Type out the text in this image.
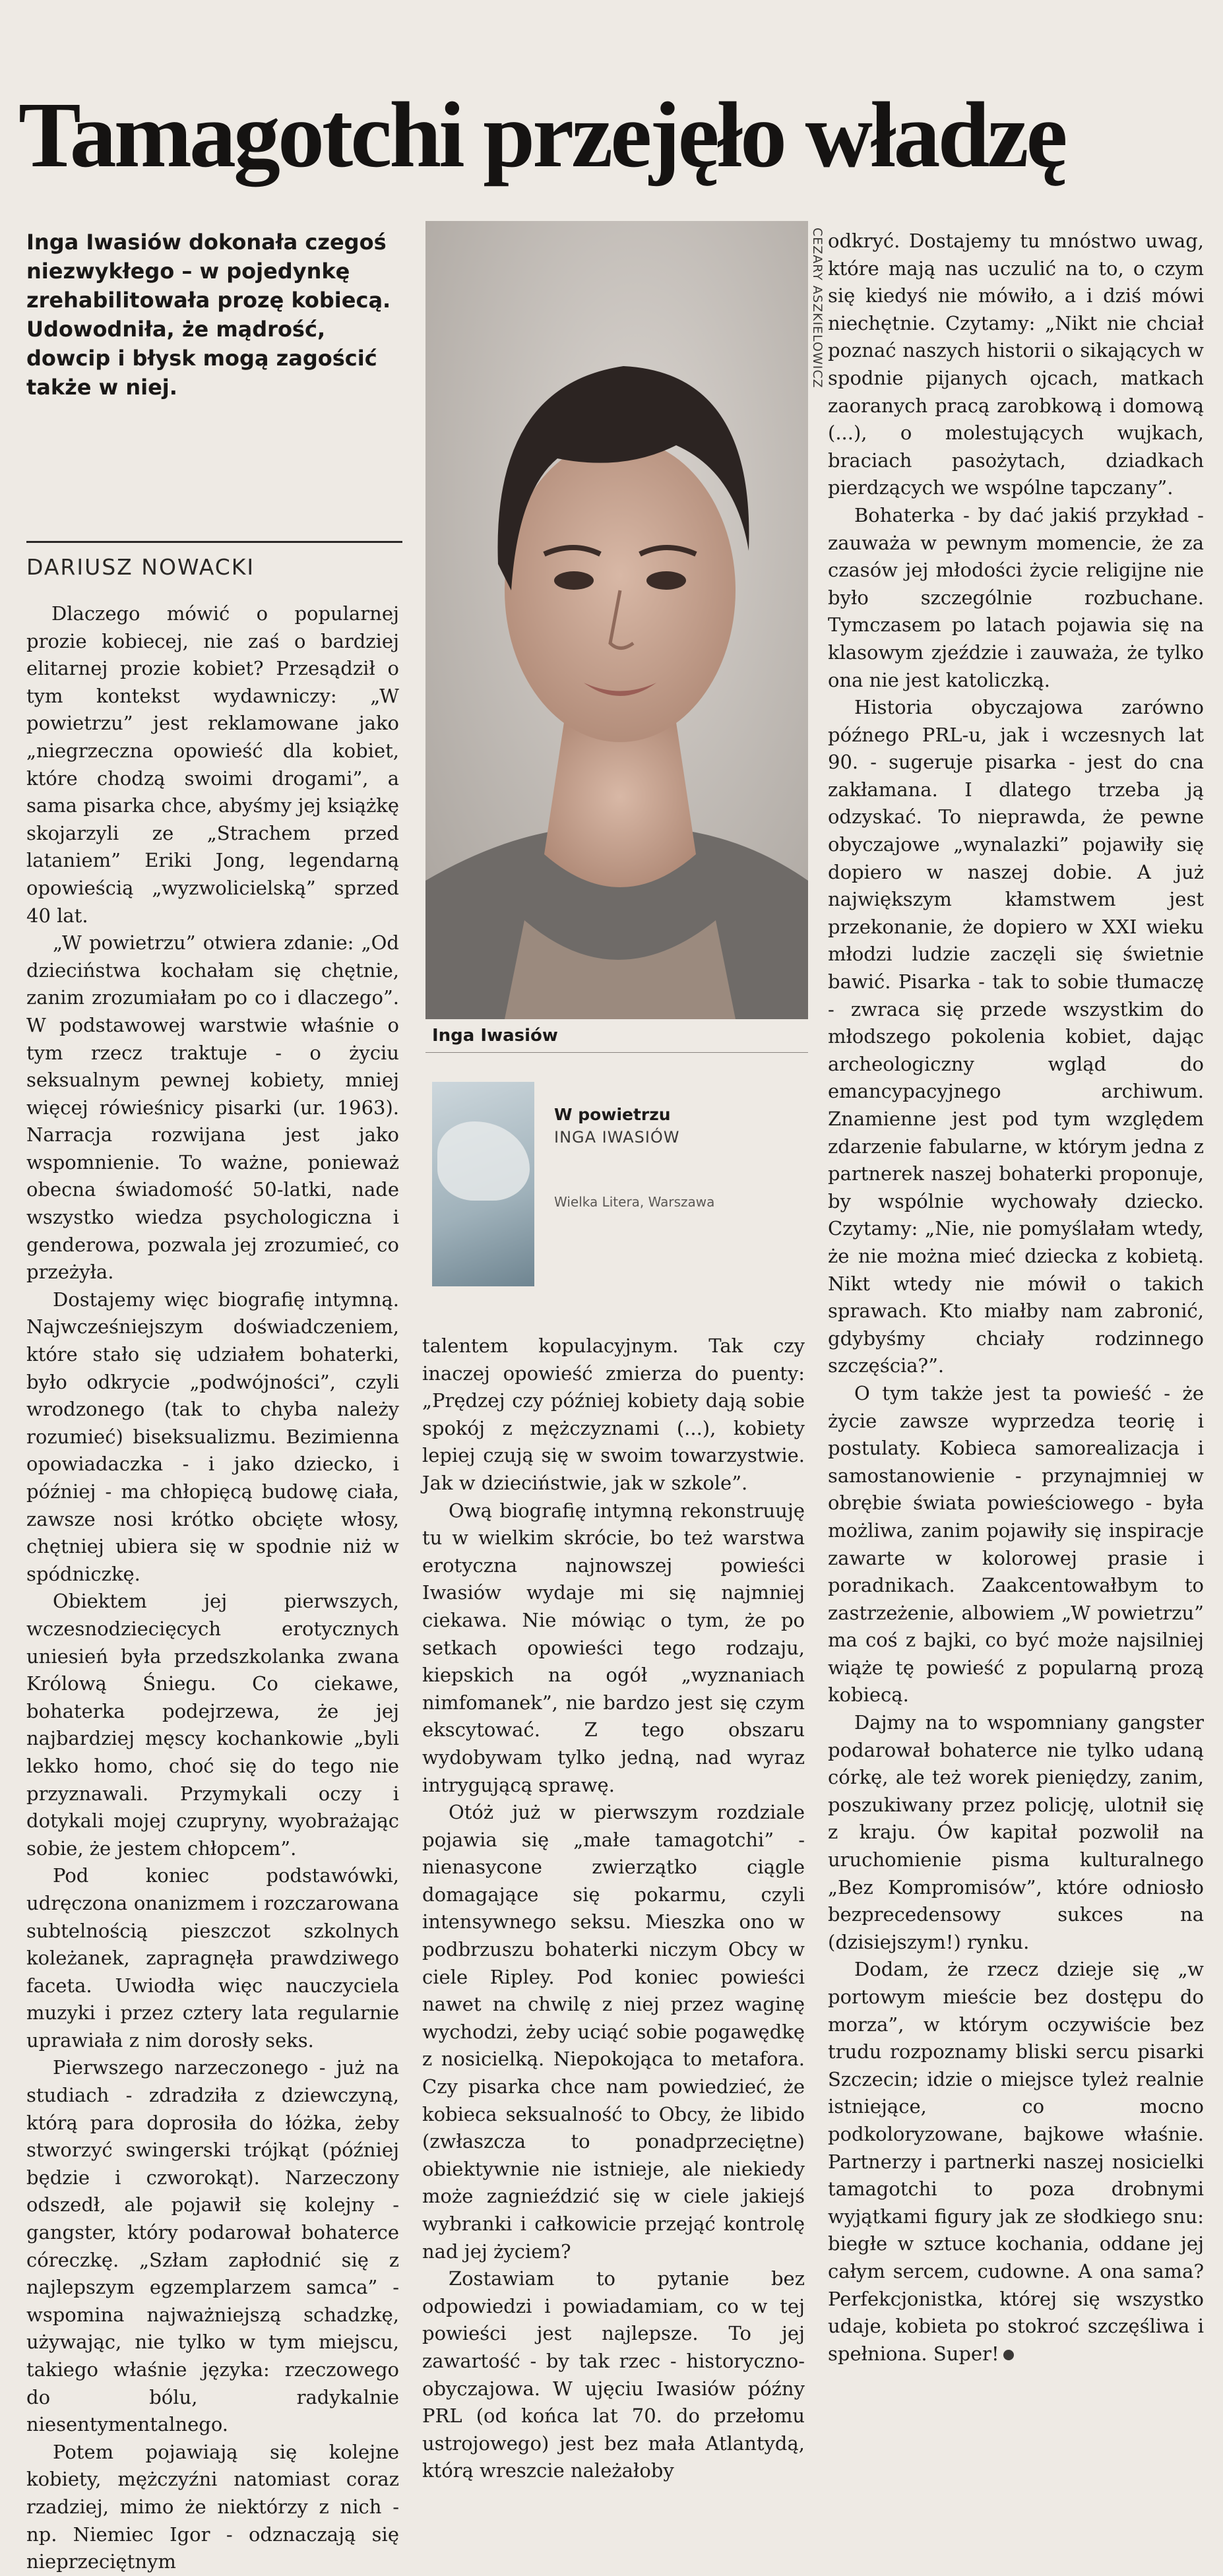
Tamagotchi przejęło władzę
Inga Iwasiów dokonała czegoś niezwykłego – w pojedynkę zrehabilitowała prozę kobiecą. Udowodniła, że mądrość, dowcip i błysk mogą zagościć także w niej.
DARIUSZ NOWACKI

Dlaczego mówić o popularnej prozie kobiecej, nie zaś o bardziej elitarnej prozie kobiet? Przesądził o tym kontekst wydawniczy: „W powietrzu” jest reklamowane jako „niegrzeczna opowieść dla kobiet, które chodzą swoimi drogami”, a sama pisarka chce, abyśmy jej książkę skojarzyli ze „Strachem przed lataniem” Eriki Jong, legendarną opowieścią „wyzwolicielską” sprzed 40 lat.

„W powietrzu” otwiera zdanie: „Od dzieciństwa kochałam się chętnie, zanim zrozumiałam po co i dlaczego”. W podstawowej warstwie właśnie o tym rzecz traktuje - o życiu seksualnym pewnej kobiety, mniej więcej rówieśnicy pisarki (ur. 1963). Narracja rozwijana jest jako wspomnienie. To ważne, ponieważ obecna świadomość 50-latki, nade wszystko wiedza psychologiczna i genderowa, pozwala jej zrozumieć, co przeżyła.

Dostajemy więc biografię intymną. Najwcześniejszym doświadczeniem, które stało się udziałem bohaterki, było odkrycie „podwójności”, czyli wrodzonego (tak to chyba należy rozumieć) biseksualizmu. Bezimienna opowiadaczka - i jako dziecko, i później - ma chłopięcą budowę ciała, zawsze nosi krótko obcięte włosy, chętniej ubiera się w spodnie niż w spódniczkę.

Obiektem jej pierwszych, wczesnodziecięcych erotycznych uniesień była przedszkolanka zwana Królową Śniegu. Co ciekawe, bohaterka podejrzewa, że jej najbardziej męscy kochankowie „byli lekko homo, choć się do tego nie przyznawali. Przymykali oczy i dotykali mojej czupryny, wyobrażając sobie, że jestem chłopcem”.

Pod koniec podstawówki, udręczona onanizmem i rozczarowana subtelnością pieszczot szkolnych koleżanek, zapragnęła prawdziwego faceta. Uwiodła więc nauczyciela muzyki i przez cztery lata regularnie uprawiała z nim dorosły seks.

Pierwszego narzeczonego - już na studiach - zdradziła z dziewczyną, którą para doprosiła do łóżka, żeby stworzyć swingerski trójkąt (później będzie i czworokąt). Narzeczony odszedł, ale pojawił się kolejny - gangster, który podarował bohaterce córeczkę. „Szłam zapłodnić się z najlepszym egzemplarzem samca” - wspomina najważniejszą schadzkę, używając, nie tylko w tym miejscu, takiego właśnie języka: rzeczowego do bólu, radykalnie niesentymentalnego.

Potem pojawiają się kolejne kobiety, mężczyźni natomiast coraz rzadziej, mimo że niektórzy z nich - np. Niemiec Igor - odznaczają się nieprzeciętnym

CEZARY ASZKIELOWICZ
Inga Iwasiów
W powietrzu
INGA IWASIÓW
Wielka Litera, Warszawa

talentem kopulacyjnym. Tak czy inaczej opowieść zmierza do puenty: „Prędzej czy później kobiety dają sobie spokój z mężczyznami (...), kobiety lepiej czują się w swoim towarzystwie. Jak w dzieciństwie, jak w szkole”.

Ową biografię intymną rekonstruuję tu w wielkim skrócie, bo też warstwa erotyczna najnowszej powieści Iwasiów wydaje mi się najmniej ciekawa. Nie mówiąc o tym, że po setkach opowieści tego rodzaju, kiepskich na ogół „wyznaniach nimfomanek”, nie bardzo jest się czym ekscytować. Z tego obszaru wydobywam tylko jedną, nad wyraz intrygującą sprawę.

Otóż już w pierwszym rozdziale pojawia się „małe tamagotchi” - nienasycone zwierzątko ciągle domagające się pokarmu, czyli intensywnego seksu. Mieszka ono w podbrzuszu bohaterki niczym Obcy w ciele Ripley. Pod koniec powieści nawet na chwilę z niej przez waginę wychodzi, żeby uciąć sobie pogawędkę z nosicielką. Niepokojąca to metafora. Czy pisarka chce nam powiedzieć, że kobieca seksualność to Obcy, że libido (zwłaszcza to ponadprzeciętne) obiektywnie nie istnieje, ale niekiedy może zagnieździć się w ciele jakiejś wybranki i całkowicie przejąć kontrolę nad jej życiem?

Zostawiam to pytanie bez odpowiedzi i powiadamiam, co w tej powieści jest najlepsze. To jej zawartość - by tak rzec - historyczno-obyczajowa. W ujęciu Iwasiów późny PRL (od końca lat 70. do przełomu ustrojowego) jest bez mała Atlantydą, którą wreszcie należałoby

odkryć. Dostajemy tu mnóstwo uwag, które mają nas uczulić na to, o czym się kiedyś nie mówiło, a i dziś mówi niechętnie. Czytamy: „Nikt nie chciał poznać naszych historii o sikających w spodnie pijanych ojcach, matkach zaoranych pracą zarobkową i domową (...), o molestujących wujkach, braciach pasożytach, dziadkach pierdzących we wspólne tapczany”.

Bohaterka - by dać jakiś przykład - zauważa w pewnym momencie, że za czasów jej młodości życie religijne nie było szczególnie rozbuchane. Tymczasem po latach pojawia się na klasowym zjeździe i zauważa, że tylko ona nie jest katoliczką.

Historia obyczajowa zarówno późnego PRL-u, jak i wczesnych lat 90. - sugeruje pisarka - jest do cna zakłamana. I dlatego trzeba ją odzyskać. To nieprawda, że pewne obyczajowe „wynalazki” pojawiły się dopiero w naszej dobie. A już największym kłamstwem jest przekonanie, że dopiero w XXI wieku młodzi ludzie zaczęli się świetnie bawić. Pisarka - tak to sobie tłumaczę - zwraca się przede wszystkim do młodszego pokolenia kobiet, dając archeologiczny wgląd do emancypacyjnego archiwum. Znamienne jest pod tym względem zdarzenie fabularne, w którym jedna z partnerek naszej bohaterki proponuje, by wspólnie wychowały dziecko. Czytamy: „Nie, nie pomyślałam wtedy, że nie można mieć dziecka z kobietą. Nikt wtedy nie mówił o takich sprawach. Kto miałby nam zabronić, gdybyśmy chciały rodzinnego szczęścia?”.

O tym także jest ta powieść - że życie zawsze wyprzedza teorię i postulaty. Kobieca samorealizacja i samostanowienie - przynajmniej w obrębie świata powieściowego - była możliwa, zanim pojawiły się inspiracje zawarte w kolorowej prasie i poradnikach. Zaakcentowałbym to zastrzeżenie, albowiem „W powietrzu” ma coś z bajki, co być może najsilniej wiąże tę powieść z popularną prozą kobiecą.

Dajmy na to wspomniany gangster podarował bohaterce nie tylko udaną córkę, ale też worek pieniędzy, zanim, poszukiwany przez policję, ulotnił się z kraju. Ów kapitał pozwolił na uruchomienie pisma kulturalnego „Bez Kompromisów”, które odniosło bezprecedensowy sukces na (dzisiejszym!) rynku.

Dodam, że rzecz dzieje się „w portowym mieście bez dostępu do morza”, w którym oczywiście bez trudu rozpoznamy bliski sercu pisarki Szczecin; idzie o miejsce tyleż realnie istniejące, co mocno podkoloryzowane, bajkowe właśnie. Partnerzy i partnerki naszej nosicielki tamagotchi to poza drobnymi wyjątkami figury jak ze słodkiego snu: biegłe w sztuce kochania, oddane jej całym sercem, cudowne. A ona sama? Perfekcjonistka, której się wszystko udaje, kobieta po stokroć szczęśliwa i spełniona. Super!
